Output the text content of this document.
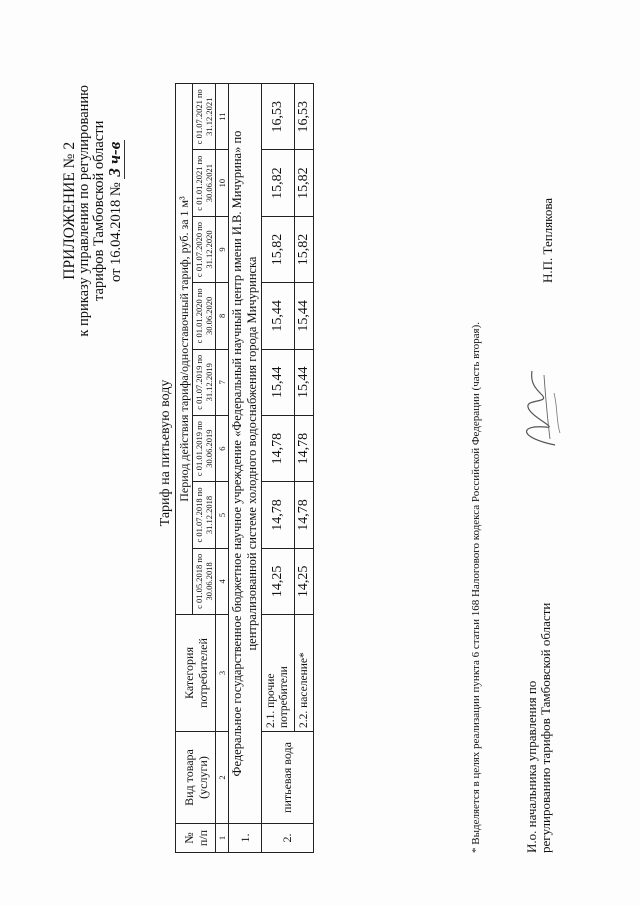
ПРИЛОЖЕНИЕ № 2
к приказу управления по регулированию тарифов Тамбовской области от 16.04.2018 № 3 ч-в
Тариф на питьевую воду
№ п/п	Вид товара (услуги)	Категория потребителей	Период действия тарифа/одноставочный тариф, руб. за 1 м³							
			с 01.05.2018 по 30.06.2018	с 01.07.2018 по 31.12.2018	с 01.01.2019 по 30.06.2019	с 01.07.2019 по 31.12.2019	с 01.01.2020 по 30.06.2020	с 01.07.2020 по 31.12.2020	с 01.01.2021 по 30.06.2021	с 01.07.2021 по 31.12.2021
1	2	3	4	5	6	7	8	9	10	11
1.	Федеральное государственное бюджетное научное учреждение «Федеральный научный центр имени И.В. Мичурина» по централизованной системе холодного водоснабжения города Мичуринска									
2.	питьевая вода	2.1. прочие потребители	14,25	14,78	14,78	15,44	15,44	15,82	15,82	16,53
		2.2. население*	14,25	14,78	14,78	15,44	15,44	15,82	15,82	16,53
* Выделяется в целях реализации пункта 6 статьи 168 Налогового кодекса Российской Федерации (часть вторая).	И.о. начальника управления по регулированию тарифов Тамбовской области
Н.П. Теплякова
